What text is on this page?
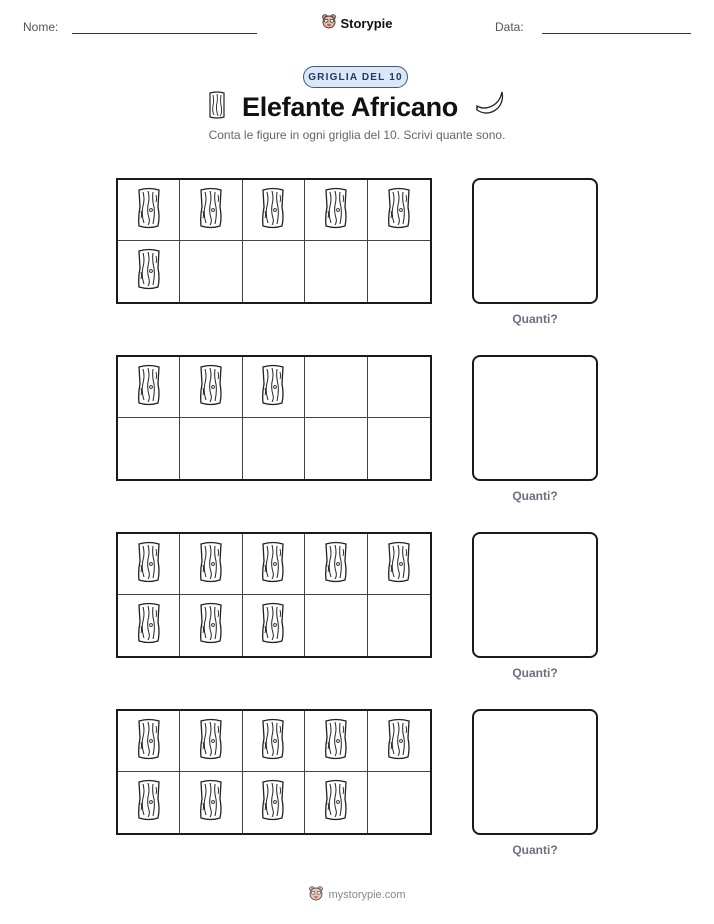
Nome:	Storypie	Data:
GRIGLIA DEL 10
Elefante Africano
Conta le figure in ogni griglia del 10. Scrivi quante sono.
Quanti?
Quanti?
Quanti?
Quanti?
mystorypie.com
